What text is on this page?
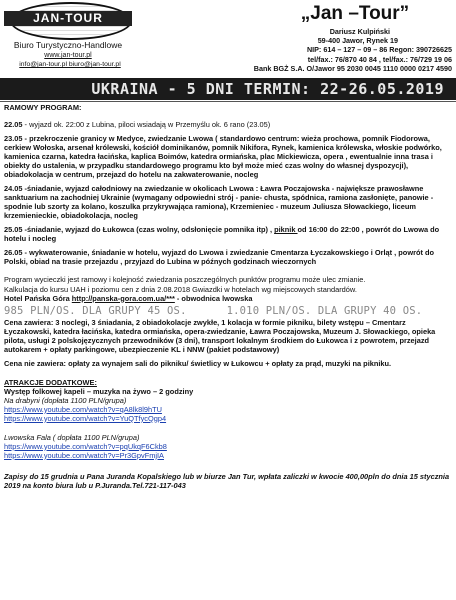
JAN-TOUR
Biuro Turystyczno-Handlowe
www.jan-tour.pl
info@jan-tour.pl biuro@jan-tour.pl
„Jan –Tour”
Dariusz Kulpiński
59-400 Jawor, Rynek 19
NIP: 614 – 127 – 09 – 86 Regon: 390726625
tel/fax.: 76/870 40 84 , tel/fax.: 76/729 19 06
Bank BGŻ S.A. O/Jawor 95 2030 0045 1110 0000 0217 4590
UKRAINA - 5 DNI TERMIN: 22-26.05.2019

RAMOWY PROGRAM:

22.05 - wyjazd ok. 22:00 z Lubina, piloci wsiadają w Przemyślu ok. 6 rano (23.05)

23.05 - przekroczenie granicy w Medyce, zwiedzanie Lwowa ( standardowo centrum: wieża prochowa, pomnik Fiodorowa, cerkiew Wołoska, arsenał królewski, kościół dominikanów, pomnik Nikifora, Rynek, kamienica królewska, włoskie podwórko, kamienica czarna, katedra łacińska, kaplica Boimów, katedra ormiańska, plac Mickiewicza, opera , ewentualnie inna trasa i obiekty do ustalenia, w przypadku standardowego programu kto był może mieć czas wolny do własnej dyspozycji), obiadokolacja w centrum, przejazd do hotelu na zakwaterowanie, nocleg

24.05 -śniadanie, wyjazd całodniowy na zwiedzanie w okolicach Lwowa : Ławra Poczajowska - największe prawosławne sanktuarium na zachodniej Ukrainie (wymagany odpowiedni strój - panie- chusta, spódnica, ramiona zasłonięte, panowie - spodnie lub szorty za kolano, koszulka przykrywająca ramiona), Krzemieniec - muzeum Juliusza Słowackiego, liceum krzemienieckie, obiadokolacja, nocleg

25.05 -śniadanie, wyjazd do Łukowca (czas wolny, odsłonięcie pomnika itp) , piknik od 16:00 do 22:00 , powrót do Lwowa do hotelu i nocleg

26.05 - wykwaterowanie, śniadanie w hotelu, wyjazd do Lwowa i zwiedzanie Cmentarza Łyczakowskiego i Orląt , powrót do Polski, obiad na trasie przejazdu , przyjazd do Lubina w późnych godzinach wieczornych

Program wycieczki jest ramowy i kolejność zwiedzania poszczególnych punktów programu może ulec zmianie.

Kalkulacja do kursu UAH i poziomu cen z dnia 2.08.2018 Gwiazdki w hotelach wg miejscowych standardów.

Hotel Pańska Góra http://panska-gora.com.ua/*** - obwodnica lwowska

985 PLN/OS. DLA GRUPY 45 OS.	1.010 PLN/OS. DLA GRUPY 40 OS.

Cena zawiera: 3 noclegi, 3 śniadania, 2 obiadokolacje zwykłe, 1 kolacja w formie pikniku, bilety wstępu – Cmentarz Łyczakowski, katedra łacińska, katedra ormiańska, opera-zwiedzanie, Ławra Poczajowska, Muzeum J. Słowackiego, opieka pilota, usługi 2 polskojęzycznych przewodników (3 dni), transport lokalnym środkiem do Łukowca i z powrotem, przejazd autokarem + opłaty parkingowe, ubezpieczenie KL i NNW (pakiet podstawowy)

Cena nie zawiera: opłaty za wynajem sali do pikniku/ świetlicy w Łukowcu + opłaty za prąd, muzyki na pikniku.

ATRAKCJE DODATKOWE:

Występ folkowej kapeli – muzyka na żywo – 2 godziny

Na drabyni (dopłata 1100 PLN/grupa)

https://www.youtube.com/watch?v=qA8lk8l9hTU

https://www.youtube.com/watch?v=YuQTfycQgp4

Lwowska Fala ( dopłata 1100 PLN/grupa)

https://www.youtube.com/watch?v=pqUkqF6Ckb8

https://www.youtube.com/watch?v=Pr3GpvFmjIA

Zapisy do 15 grudnia u Pana Juranda Kopalskiego lub w biurze Jan Tur, wpłata zaliczki w kwocie 400,00pln do dnia 15 stycznia 2019 na konto biura lub u P.Juranda.Tel.721-117-043
